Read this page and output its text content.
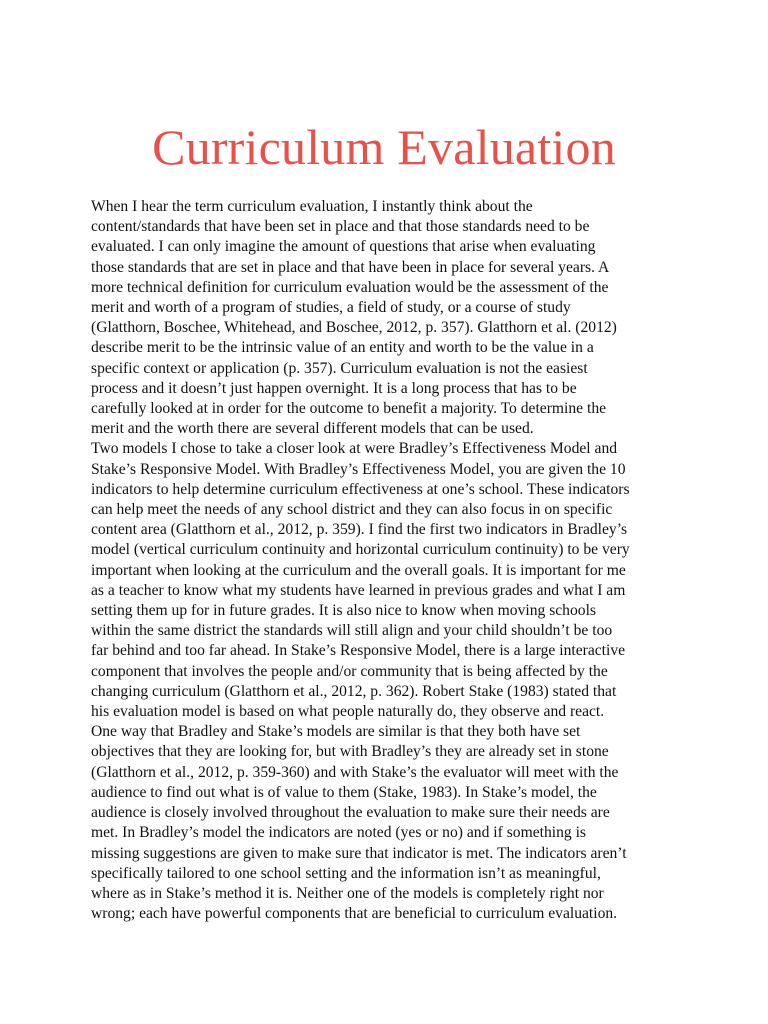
Curriculum Evaluation

When I hear the term curriculum evaluation, I instantly think about the
content/standards that have been set in place and that those standards need to be
evaluated. I can only imagine the amount of questions that arise when evaluating
those standards that are set in place and that have been in place for several years. A
more technical definition for curriculum evaluation would be the assessment of the
merit and worth of a program of studies, a field of study, or a course of study
(Glatthorn, Boschee, Whitehead, and Boschee, 2012, p. 357). Glatthorn et al. (2012)
describe merit to be the intrinsic value of an entity and worth to be the value in a
specific context or application (p. 357). Curriculum evaluation is not the easiest
process and it doesn’t just happen overnight. It is a long process that has to be
carefully looked at in order for the outcome to benefit a majority. To determine the
merit and the worth there are several different models that can be used.

Two models I chose to take a closer look at were Bradley’s Effectiveness Model and
Stake’s Responsive Model. With Bradley’s Effectiveness Model, you are given the 10
indicators to help determine curriculum effectiveness at one’s school. These indicators
can help meet the needs of any school district and they can also focus in on specific
content area (Glatthorn et al., 2012, p. 359). I find the first two indicators in Bradley’s
model (vertical curriculum continuity and horizontal curriculum continuity) to be very
important when looking at the curriculum and the overall goals. It is important for me
as a teacher to know what my students have learned in previous grades and what I am
setting them up for in future grades. It is also nice to know when moving schools
within the same district the standards will still align and your child shouldn’t be too
far behind and too far ahead. In Stake’s Responsive Model, there is a large interactive
component that involves the people and/or community that is being affected by the
changing curriculum (Glatthorn et al., 2012, p. 362). Robert Stake (1983) stated that
his evaluation model is based on what people naturally do, they observe and react.
One way that Bradley and Stake’s models are similar is that they both have set
objectives that they are looking for, but with Bradley’s they are already set in stone
(Glatthorn et al., 2012, p. 359-360) and with Stake’s the evaluator will meet with the
audience to find out what is of value to them (Stake, 1983). In Stake’s model, the
audience is closely involved throughout the evaluation to make sure their needs are
met. In Bradley’s model the indicators are noted (yes or no) and if something is
missing suggestions are given to make sure that indicator is met. The indicators aren’t
specifically tailored to one school setting and the information isn’t as meaningful,
where as in Stake’s method it is. Neither one of the models is completely right nor
wrong; each have powerful components that are beneficial to curriculum evaluation.
